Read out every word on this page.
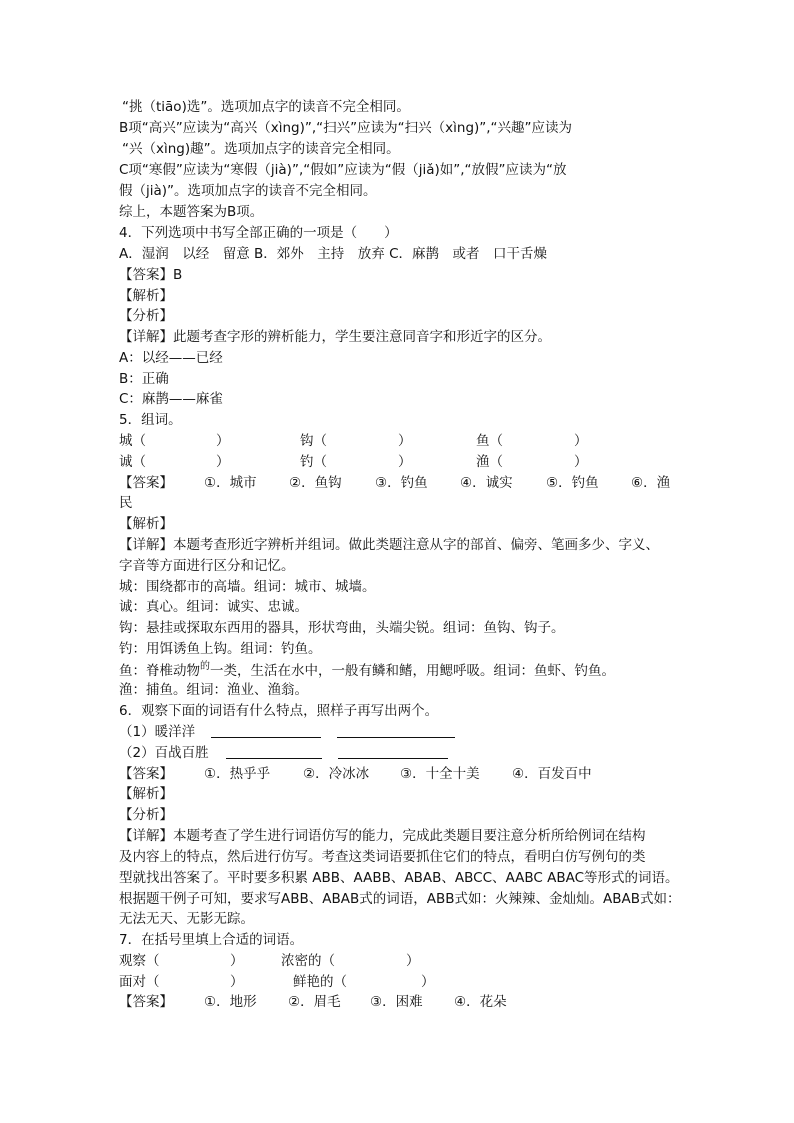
“挑（tiāo)选”。选项加点字的读音不完全相同。
B项“高兴”应读为“高兴（xìng)”,“扫兴”应读为“扫兴（xìng)”,“兴趣”应读为
“兴（xìng)趣”。选项加点字的读音完全相同。
C项“寒假”应读为“寒假（jià)”,“假如”应读为“假（jiǎ)如”,“放假”应读为“放
假（jià)”。选项加点字的读音不完全相同。
综上，本题答案为B项。
4．下列选项中书写全部正确的一项是（　　）
A．湿润　以经　留意 B．郊外　主持　放弃 C．麻鹊　或者　口干舌燥
【答案】B
【解析】
【分析】
【详解】此题考查字形的辨析能力，学生要注意同音字和形近字的区分。
A：以经——已经
B：正确
C：麻鹊——麻雀
5．组词。
城（	）	钩（	）	鱼（	）
诚（	）	钓（	）	渔（	）
【答案】 ①．城市 ②．鱼钩 ③．钓鱼 ④．诚实 ⑤．钓鱼 ⑥．渔
民
【解析】
【详解】本题考查形近字辨析并组词。做此类题注意从字的部首、偏旁、笔画多少、字义、
字音等方面进行区分和记忆。
城：围绕都市的高墙。组词：城市、城墙。
诚：真心。组词：诚实、忠诚。
钩：悬挂或探取东西用的器具，形状弯曲，头端尖锐。组词：鱼钩、钩子。
钓：用饵诱鱼上钩。组词：钓鱼。
鱼：脊椎动物$^的$一类，生活在水中，一般有鳞和鳍，用鳃呼吸。组词：鱼虾、钓鱼。
渔：捕鱼。组词：渔业、渔翁。
6．观察下面的词语有什么特点，照样子再写出两个。
（1）暖洋洋
（2）百战百胜
【答案】 ①．热乎乎 ②．冷冰冰 ③．十全十美 ④．百发百中
【解析】
【分析】
【详解】本题考查了学生进行词语仿写的能力，完成此类题目要注意分析所给例词在结构
及内容上的特点，然后进行仿写。考查这类词语要抓住它们的特点，看明白仿写例句的类
型就找出答案了。平时要多积累 ABB、AABB、ABAB、ABCC、AABC ABAC等形式的词语。
根据题干例子可知，要求写ABB、ABAB式的词语，ABB式如：火辣辣、金灿灿。ABAB式如：
无法无天、无影无踪。
7．在括号里填上合适的词语。
观察（	）	浓密的（	）
面对（	）	鲜艳的（	）
【答案】 ①．地形 ②．眉毛 ③．困难 ④．花朵
